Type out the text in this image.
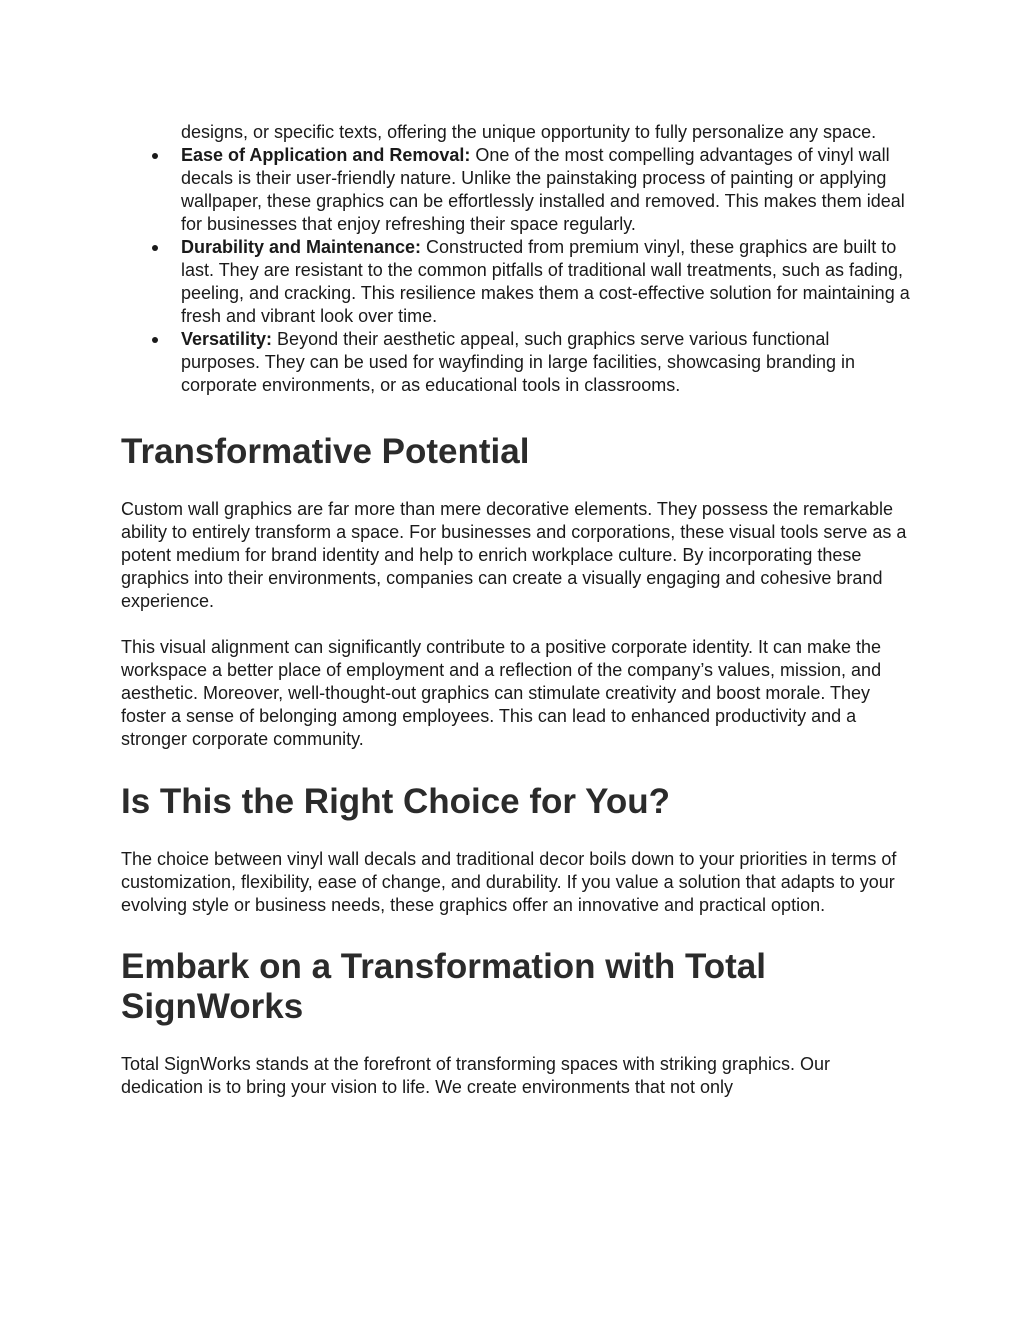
designs, or specific texts, offering the unique opportunity to fully personalize any space.

Ease of Application and Removal: One of the most compelling advantages of vinyl wall decals is their user-friendly nature. Unlike the painstaking process of painting or applying wallpaper, these graphics can be effortlessly installed and removed. This makes them ideal for businesses that enjoy refreshing their space regularly.
Durability and Maintenance: Constructed from premium vinyl, these graphics are built to last. They are resistant to the common pitfalls of traditional wall treatments, such as fading, peeling, and cracking. This resilience makes them a cost-effective solution for maintaining a fresh and vibrant look over time.
Versatility: Beyond their aesthetic appeal, such graphics serve various functional purposes. They can be used for wayfinding in large facilities, showcasing branding in corporate environments, or as educational tools in classrooms.
Transformative Potential

Custom wall graphics are far more than mere decorative elements. They possess the remarkable ability to entirely transform a space. For businesses and corporations, these visual tools serve as a potent medium for brand identity and help to enrich workplace culture. By incorporating these graphics into their environments, companies can create a visually engaging and cohesive brand experience.

This visual alignment can significantly contribute to a positive corporate identity. It can make the workspace a better place of employment and a reflection of the company’s values, mission, and aesthetic. Moreover, well-thought-out graphics can stimulate creativity and boost morale. They foster a sense of belonging among employees. This can lead to enhanced productivity and a stronger corporate community.

Is This the Right Choice for You?

The choice between vinyl wall decals and traditional decor boils down to your priorities in terms of customization, flexibility, ease of change, and durability. If you value a solution that adapts to your evolving style or business needs, these graphics offer an innovative and practical option.

Embark on a Transformation with Total SignWorks

Total SignWorks stands at the forefront of transforming spaces with striking graphics. Our dedication is to bring your vision to life. We create environments that not only
